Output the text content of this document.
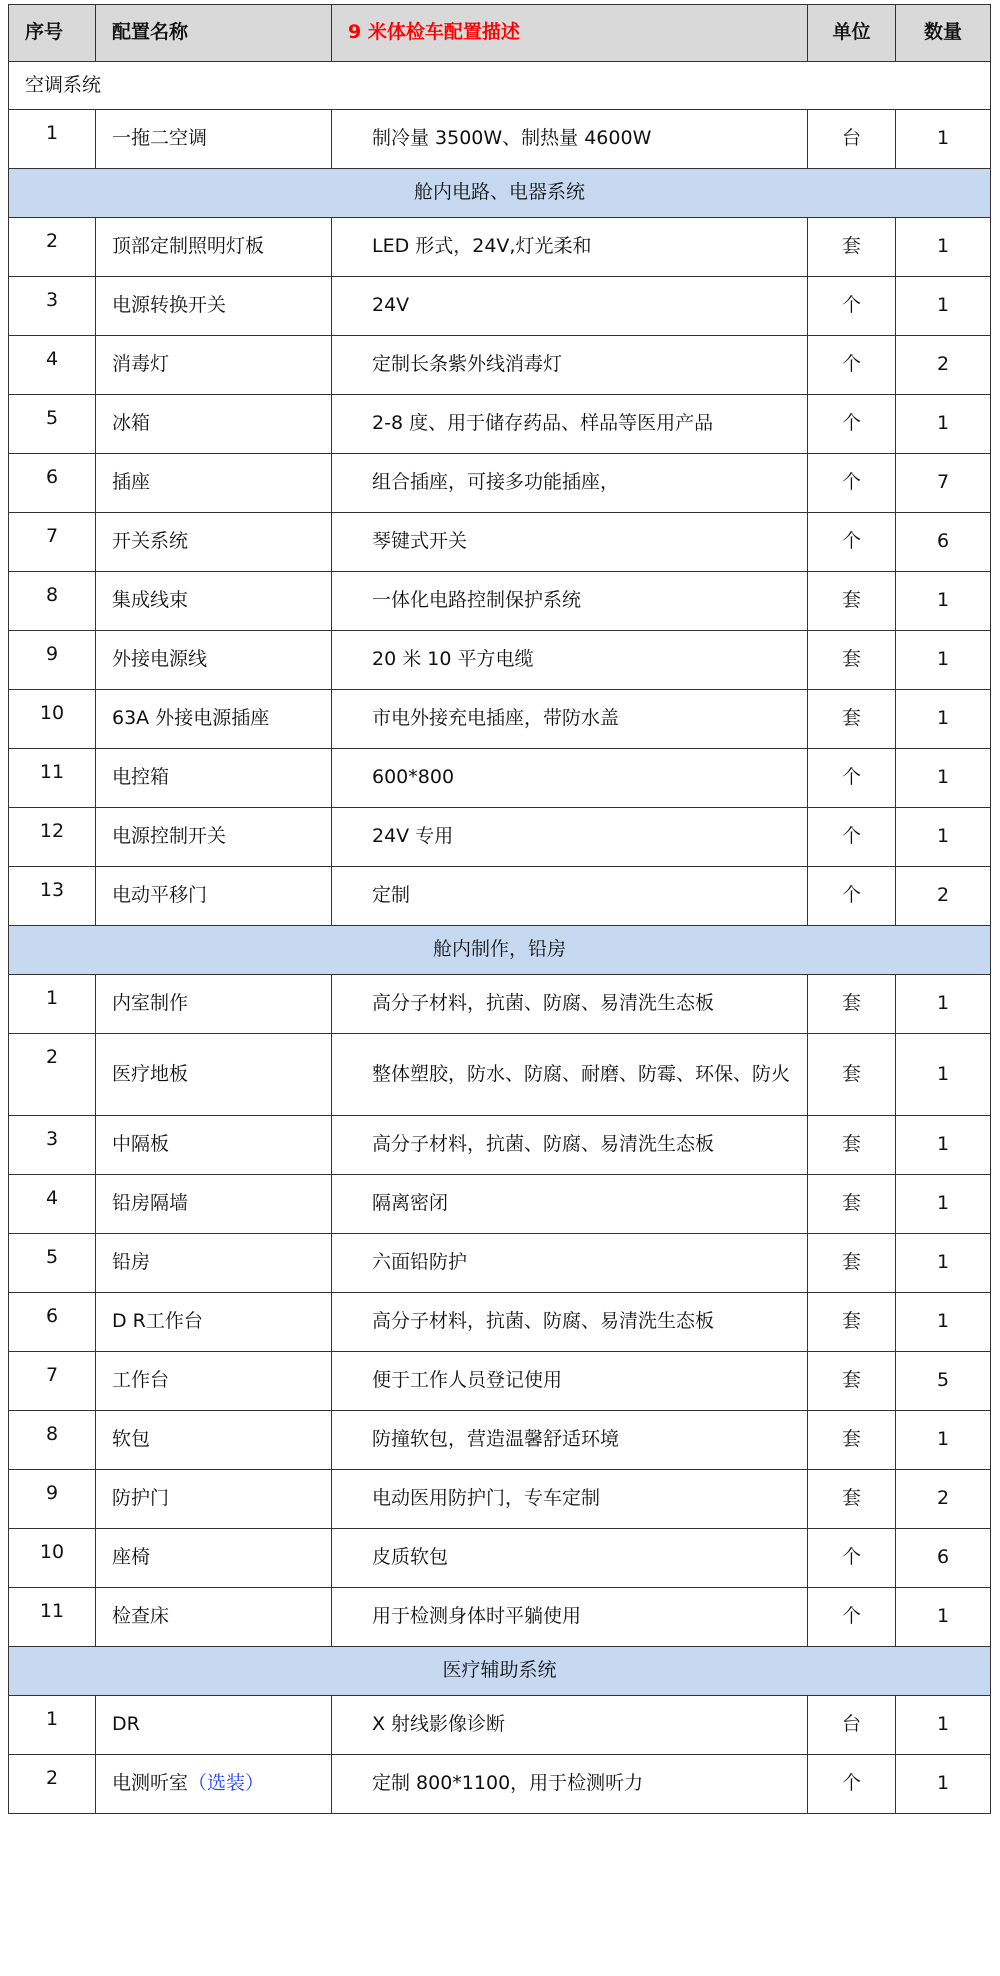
序号	配置名称	9 米体检车配置描述	单位	数量
空调系统				
1	一拖二空调	制冷量 3500W、制热量 4600W	台	1
舱内电路、电器系统				
2	顶部定制照明灯板	LED 形式，24V,灯光柔和	套	1
3	电源转换开关	24V	个	1
4	消毒灯	定制长条紫外线消毒灯	个	2
5	冰箱	2-8 度、用于储存药品、样品等医用产品	个	1
6	插座	组合插座，可接多功能插座，	个	7
7	开关系统	琴键式开关	个	6
8	集成线束	一体化电路控制保护系统	套	1
9	外接电源线	20 米 10 平方电缆	套	1
10	63A 外接电源插座	市电外接充电插座，带防水盖	套	1
11	电控箱	600*800	个	1
12	电源控制开关	24V 专用	个	1
13	电动平移门	定制	个	2
舱内制作，铅房				
1	内室制作	高分子材料，抗菌、防腐、易清洗生态板	套	1
2	医疗地板	整体塑胶，防水、防腐、耐磨、防霉、环保、防火	套	1
3	中隔板	高分子材料，抗菌、防腐、易清洗生态板	套	1
4	铅房隔墙	隔离密闭	套	1
5	铅房	六面铅防护	套	1
6	D R工作台	高分子材料，抗菌、防腐、易清洗生态板	套	1
7	工作台	便于工作人员登记使用	套	5
8	软包	防撞软包，营造温馨舒适环境	套	1
9	防护门	电动医用防护门，专车定制	套	2
10	座椅	皮质软包	个	6
11	检查床	用于检测身体时平躺使用	个	1
医疗辅助系统				
1	DR	X 射线影像诊断	台	1
2	电测听室（选装）	定制 800*1100，用于检测听力	个	1
